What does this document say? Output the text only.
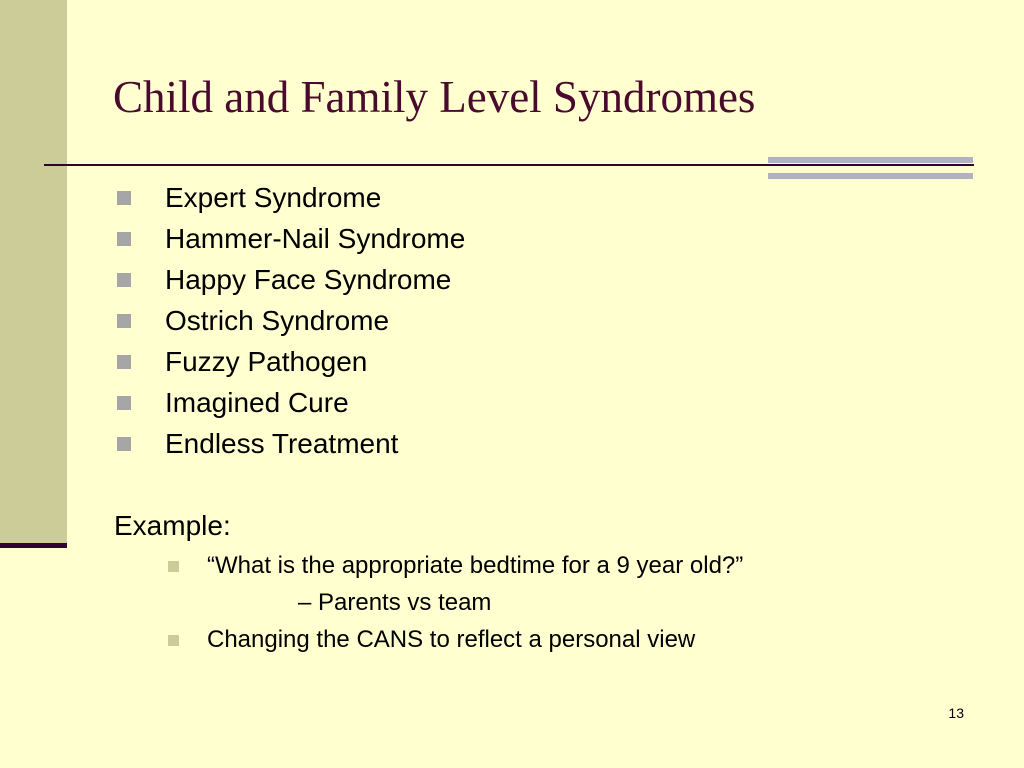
Child and Family Level Syndromes
Expert Syndrome
Hammer-Nail Syndrome
Happy Face Syndrome
Ostrich Syndrome
Fuzzy Pathogen
Imagined Cure
Endless Treatment
Example:
“What is the appropriate bedtime for a 9 year old?”
– Parents vs team
Changing the CANS to reflect a personal view
13
